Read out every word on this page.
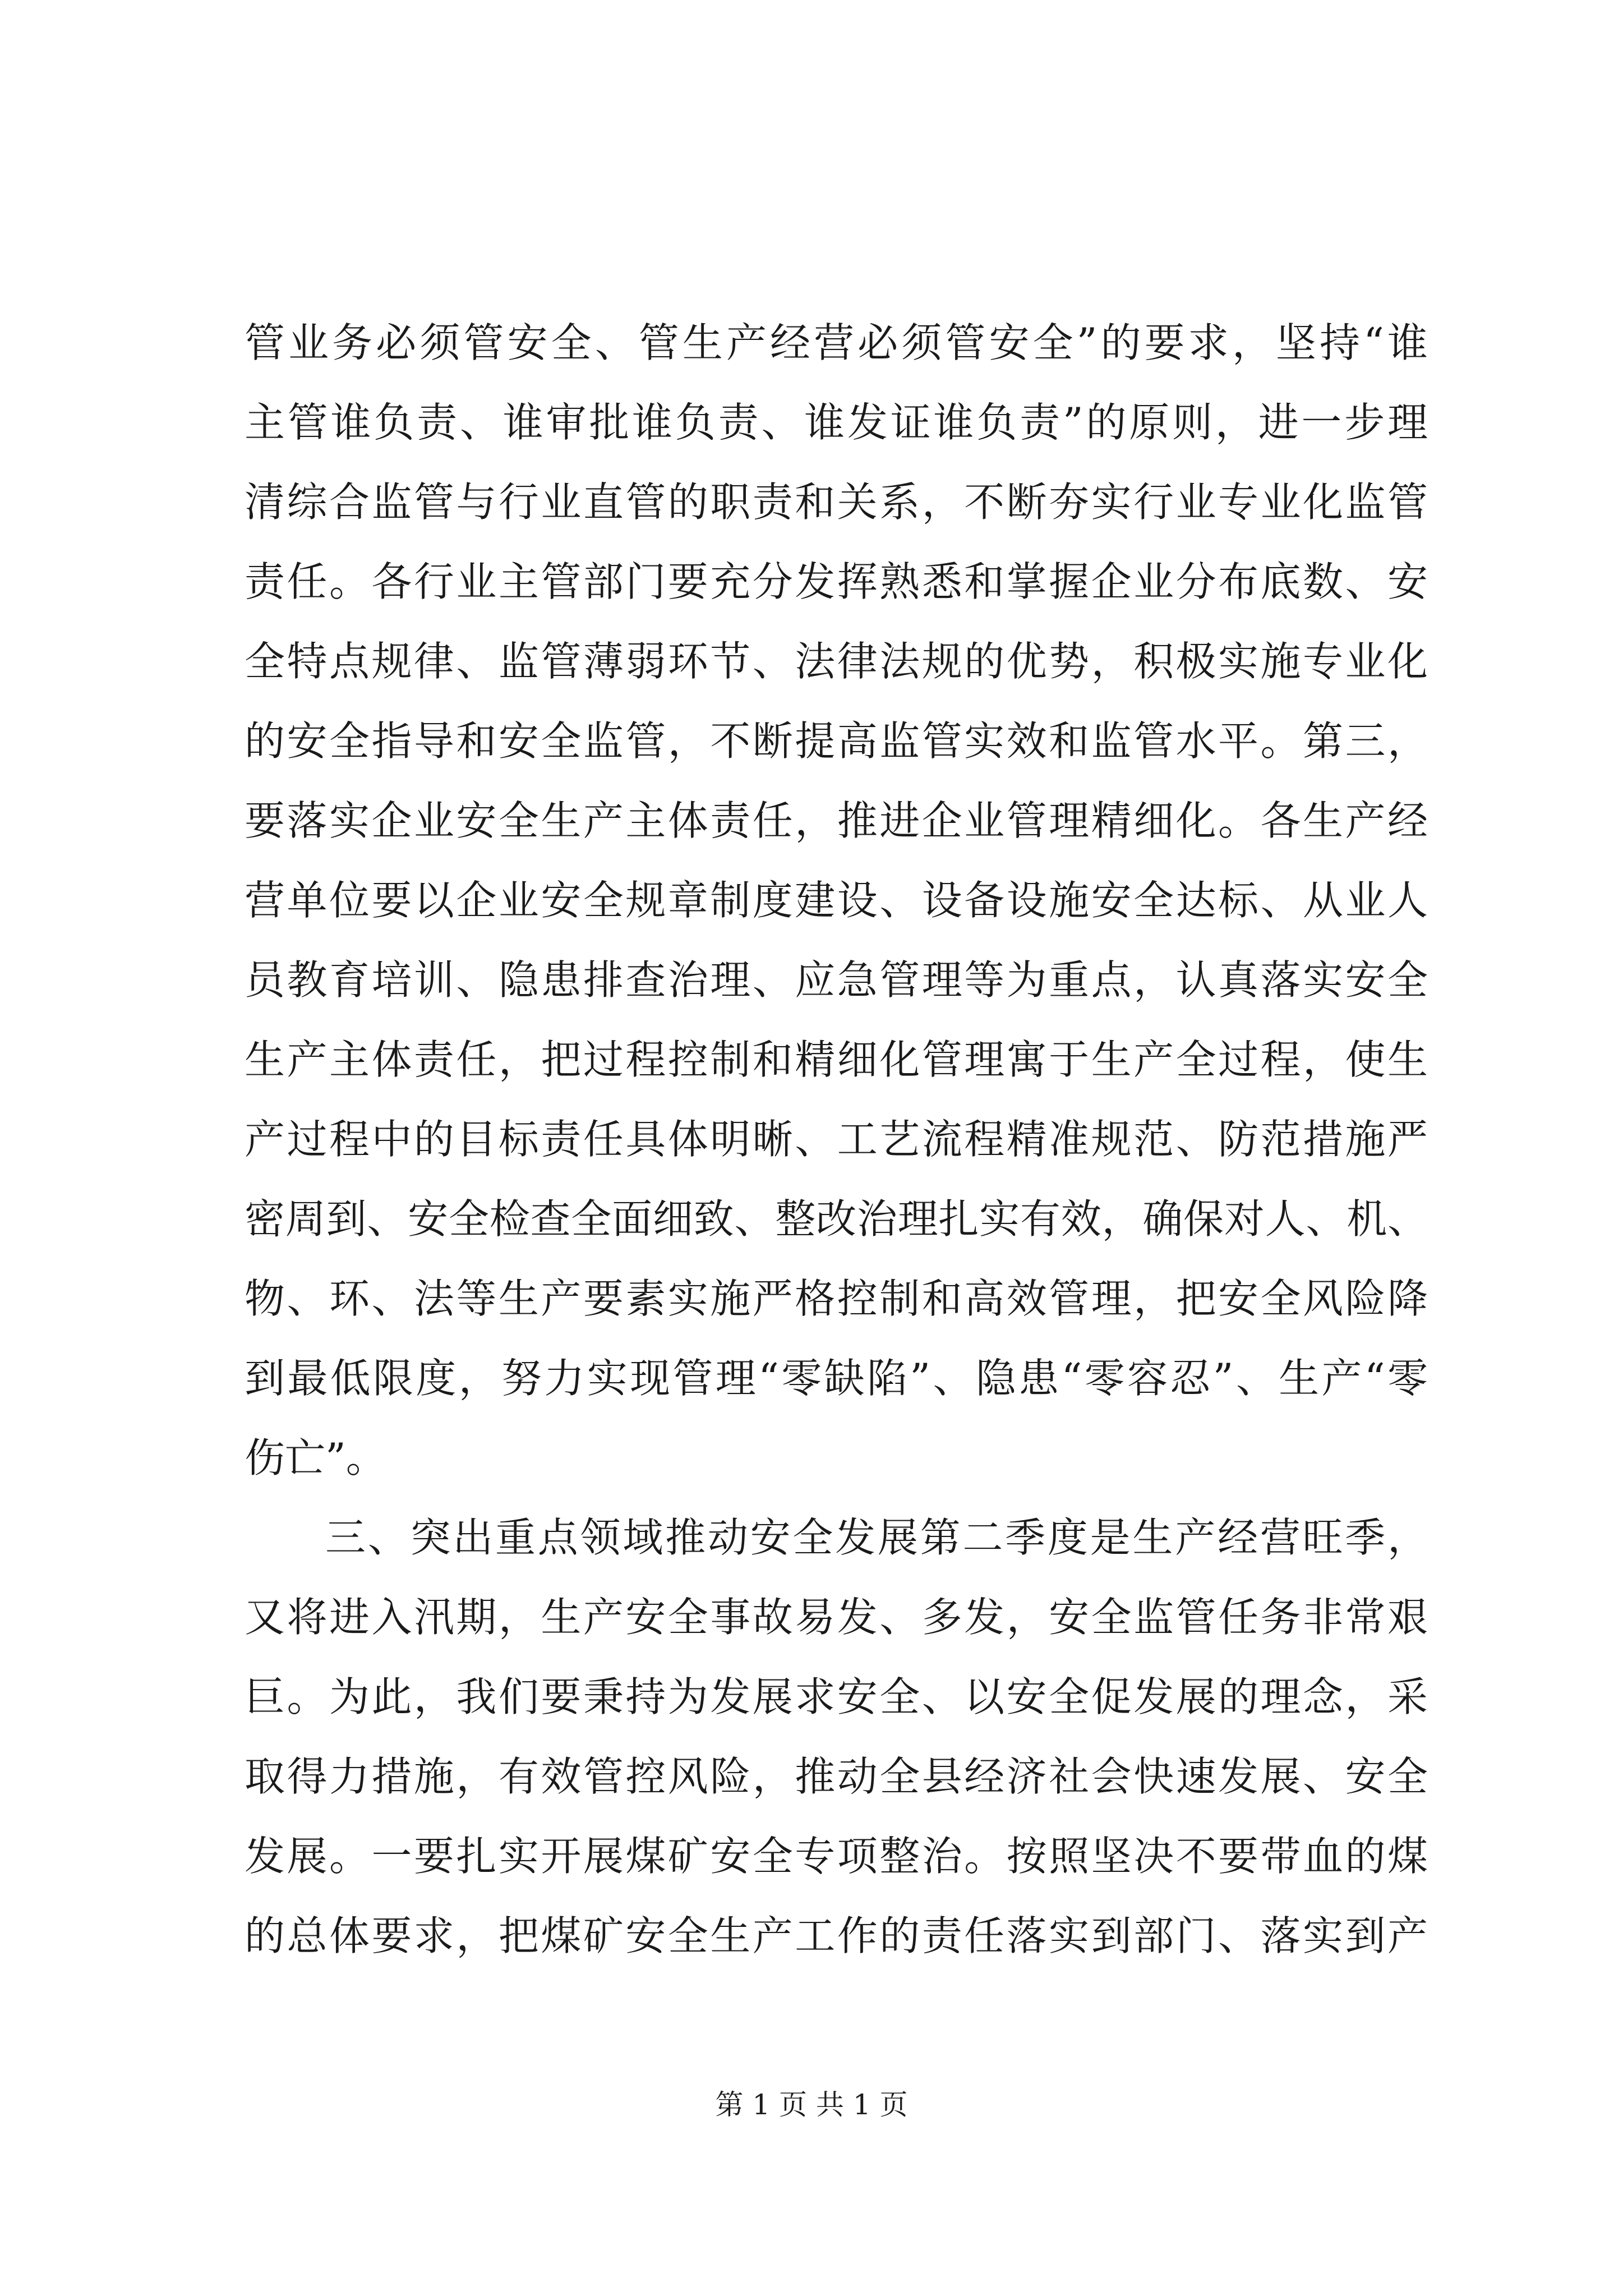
管业务必须管安全、管生产经营必须管安全”的要求，坚持“谁
主管谁负责、谁审批谁负责、谁发证谁负责”的原则，进一步理
清综合监管与行业直管的职责和关系，不断夯实行业专业化监管
责任。各行业主管部门要充分发挥熟悉和掌握企业分布底数、安
全特点规律、监管薄弱环节、法律法规的优势，积极实施专业化
的安全指导和安全监管，不断提高监管实效和监管水平。第三，
要落实企业安全生产主体责任，推进企业管理精细化。各生产经
营单位要以企业安全规章制度建设、设备设施安全达标、从业人
员教育培训、隐患排查治理、应急管理等为重点，认真落实安全
生产主体责任，把过程控制和精细化管理寓于生产全过程，使生
产过程中的目标责任具体明晰、工艺流程精准规范、防范措施严
密周到、安全检查全面细致、整改治理扎实有效，确保对人、机、
物、环、法等生产要素实施严格控制和高效管理，把安全风险降
到最低限度，努力实现管理“零缺陷”、隐患“零容忍”、生产“零
伤亡”。
三、突出重点领域推动安全发展第二季度是生产经营旺季，
又将进入汛期，生产安全事故易发、多发，安全监管任务非常艰
巨。为此，我们要秉持为发展求安全、以安全促发展的理念，采
取得力措施，有效管控风险，推动全县经济社会快速发展、安全
发展。一要扎实开展煤矿安全专项整治。按照坚决不要带血的煤
的总体要求，把煤矿安全生产工作的责任落实到部门、落实到产
第 1 页 共 1 页
